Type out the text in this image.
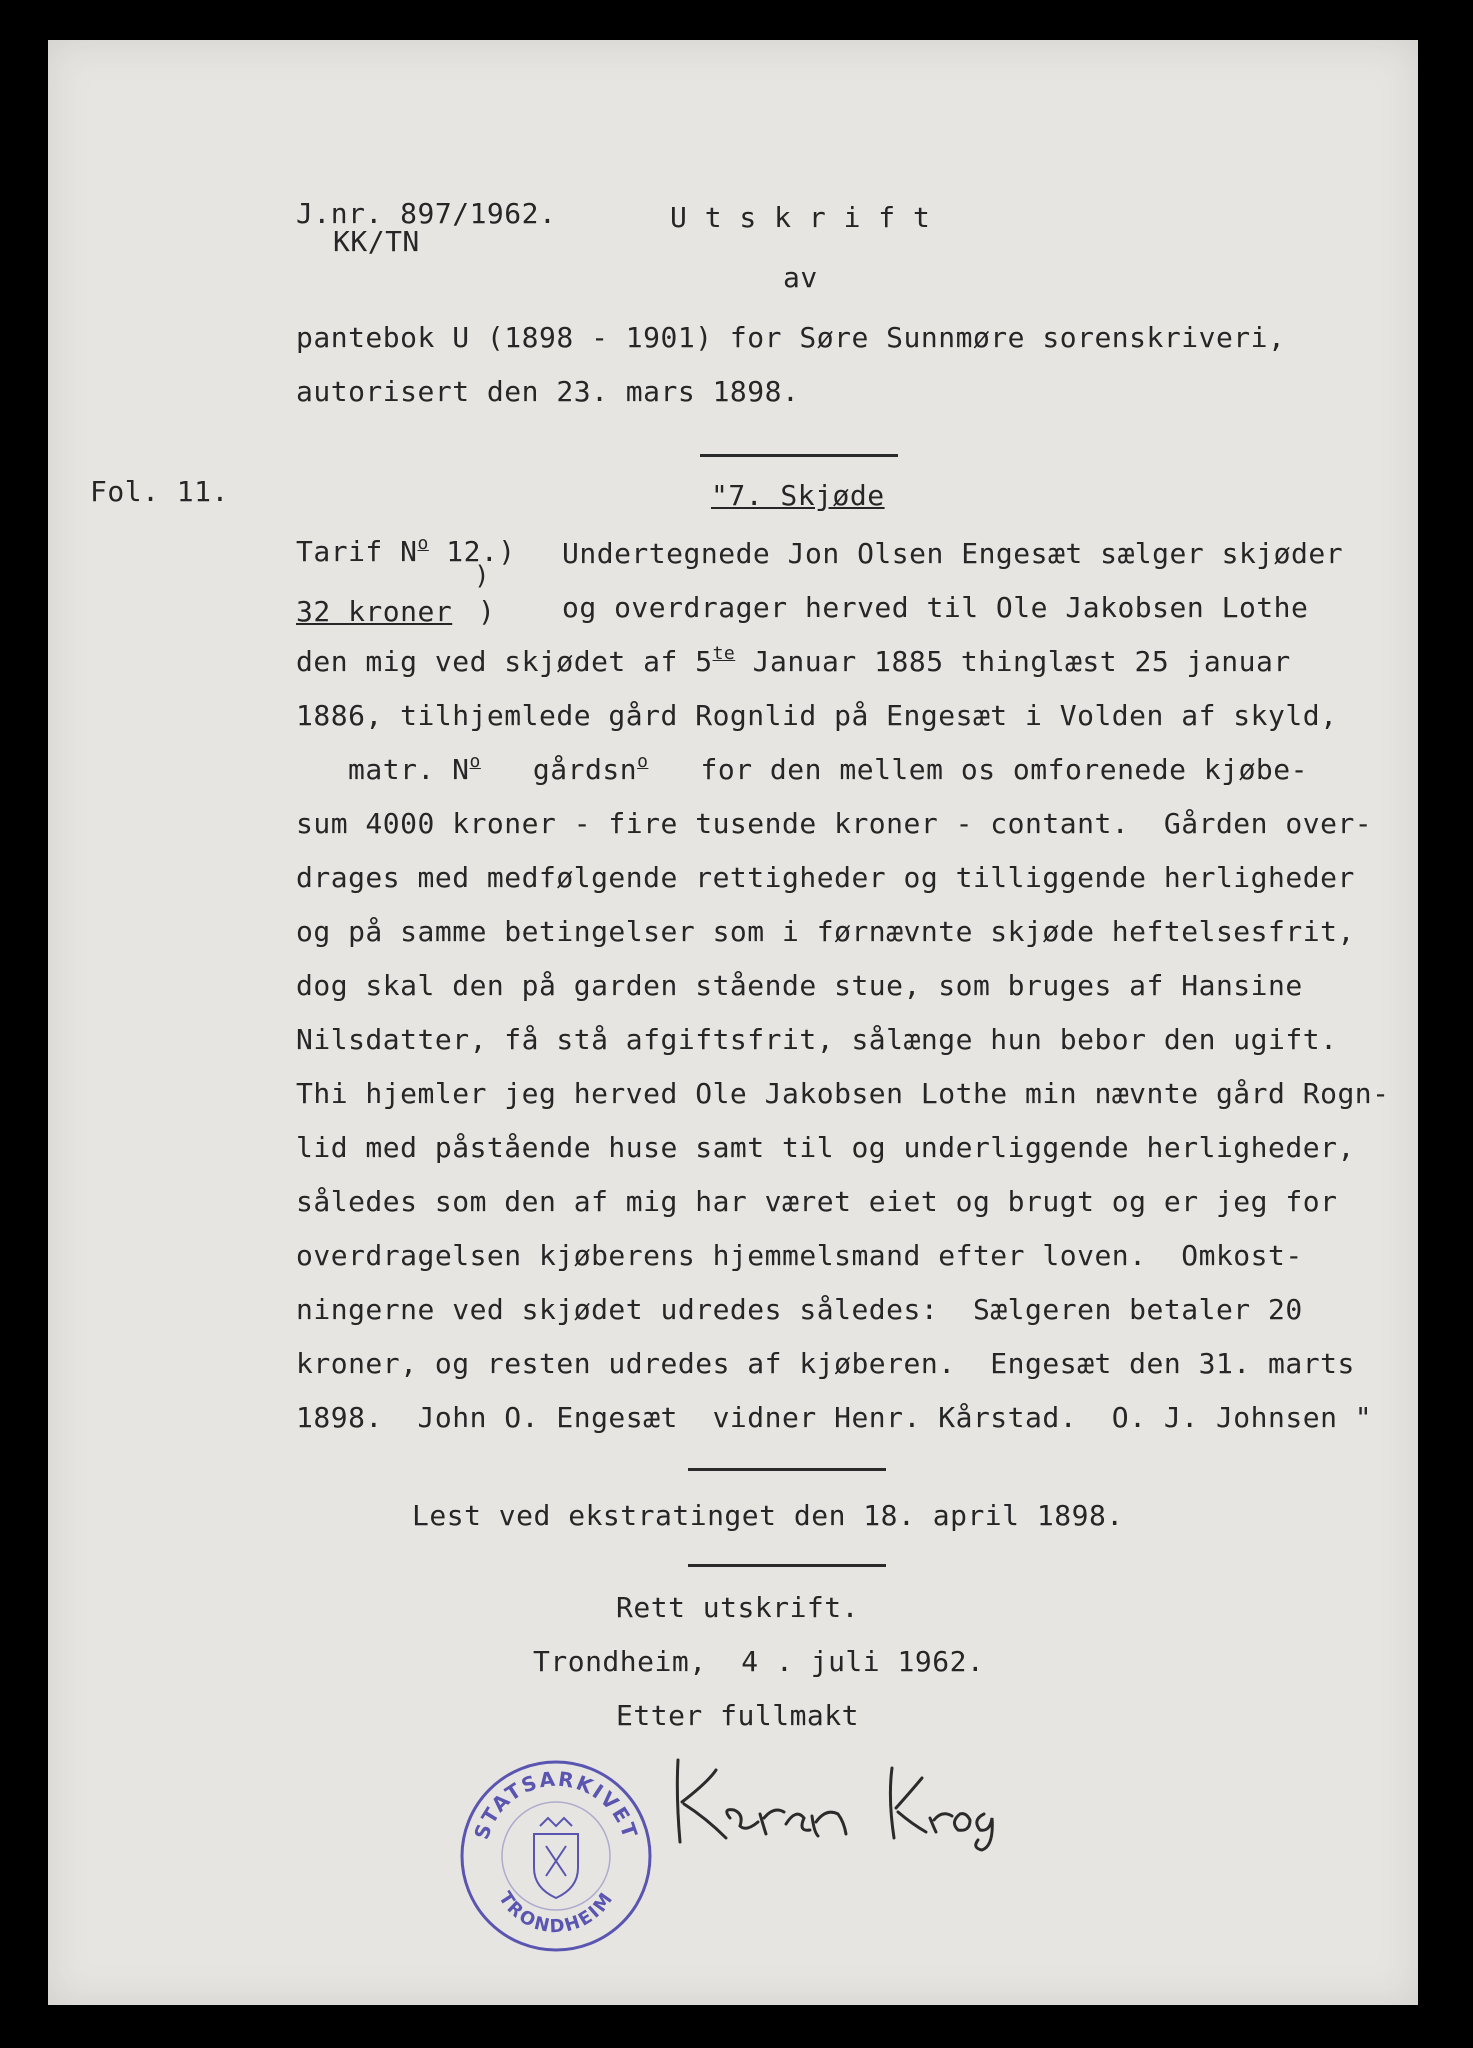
J.nr. 897/1962.
KK/TN
U t s k r i f t
av
pantebok U (1898 - 1901) for Søre Sunnmøre sorenskriveri,
autorisert den 23. mars 1898.
Fol. 11.	"7. Skjøde
Tarif $N^o$ 12.)
)
32 kroner )
Undertegnede Jon Olsen Engesæt sælger skjøder
og overdrager herved til Ole Jakobsen Lothe
den mig ved skjødet af $5^{te}$ Januar 1885 thinglæst 25 januar
1886, tilhjemlede gård Rognlid på Engesæt i Volden af skyld,
matr. $N^o$   gårdsn$^o$   for den mellem os omforenede kjøbe-
sum 4000 kroner - fire tusende kroner - contant.  Gården over-
drages med medfølgende rettigheder og tilliggende herligheder
og på samme betingelser som i førnævnte skjøde heftelsesfrit,
dog skal den på garden stående stue, som bruges af Hansine
Nilsdatter, få stå afgiftsfrit, sålænge hun bebor den ugift.
Thi hjemler jeg herved Ole Jakobsen Lothe min nævnte gård Rogn-
lid med påstående huse samt til og underliggende herligheder,
således som den af mig har været eiet og brugt og er jeg for
overdragelsen kjøberens hjemmelsmand efter loven.  Omkost-
ningerne ved skjødet udredes således:  Sælgeren betaler 20
kroner, og resten udredes af kjøberen.  Engesæt den 31. marts
1898.  John O. Engesæt  vidner Henr. Kårstad.  O. J. Johnsen "
Lest ved ekstratinget den 18. april 1898.
Rett utskrift.
Trondheim,  4 . juli 1962.
Etter fullmakt
STATSARKIVET
TRONDHEIM
